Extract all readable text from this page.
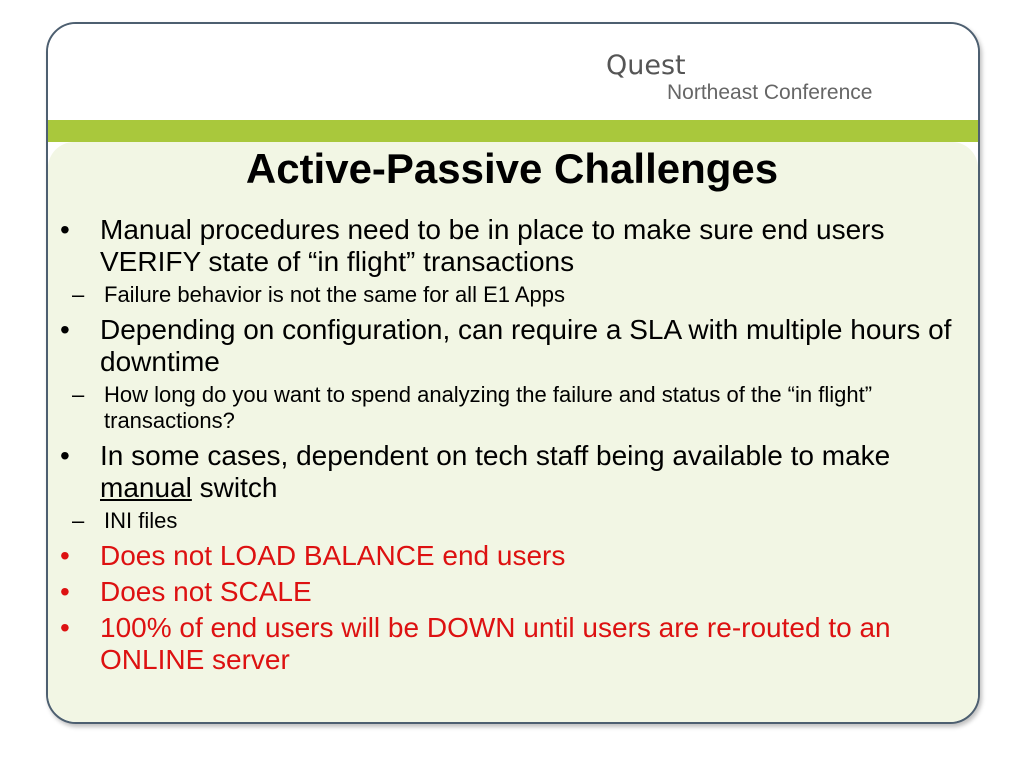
Quest
Northeast Conference
Active-Passive Challenges
• Manual procedures need to be in place to make sure end users VERIFY state of “in flight” transactions
– Failure behavior is not the same for all E1 Apps
• Depending on configuration, can require a SLA with multiple hours of downtime
– How long do you want to spend analyzing the failure and status of the “in flight” transactions?
• In some cases, dependent on tech staff being available to make manual switch
– INI files
• Does not LOAD BALANCE end users
• Does not SCALE
• 100% of end users will be DOWN until users are re-routed to an ONLINE server
